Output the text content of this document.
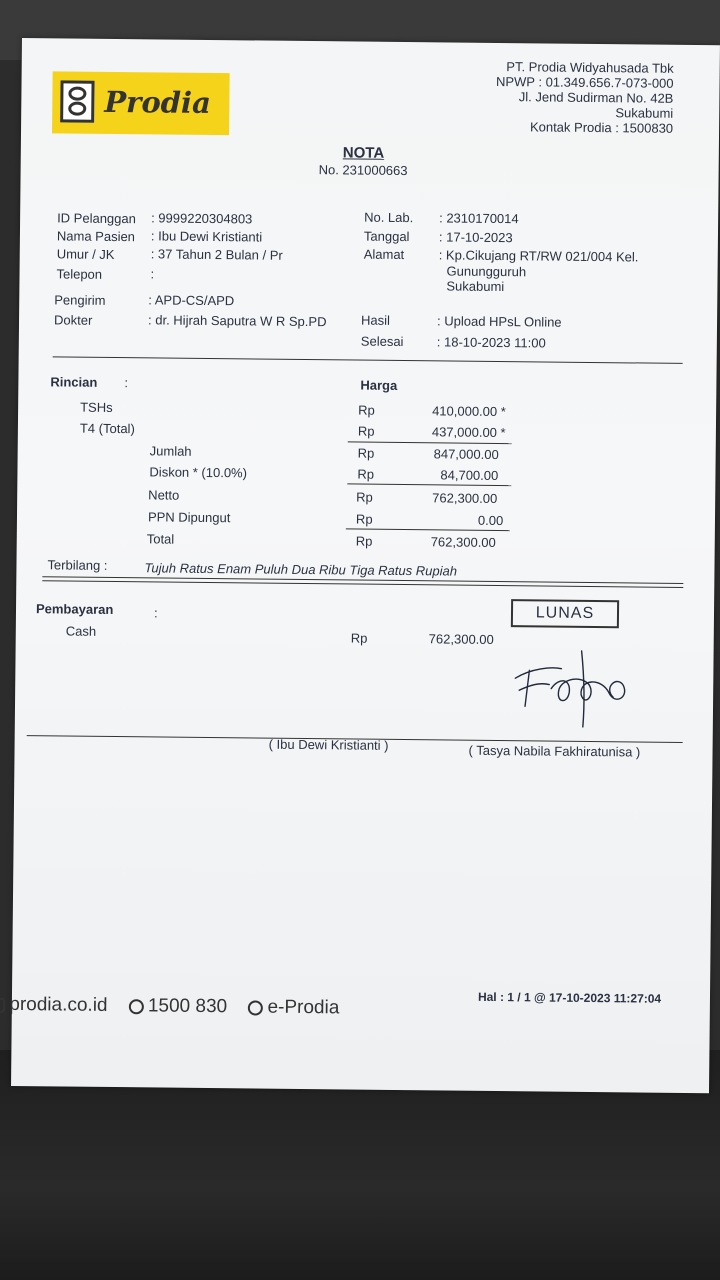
Prodia
PT. Prodia Widyahusada Tbk
NPWP : 01.349.656.7-073-000
Jl. Jend Sudirman No. 42B
Sukabumi
Kontak Prodia : 1500830
NOTA
No. 231000663
ID Pelanggan : 9999220304803
Nama Pasien : Ibu Dewi Kristianti
Umur / JK	: 37 Tahun 2 Bulan / Pr
Telepon	:
Pengirim	: APD-CS/APD
Dokter	: dr. Hijrah Saputra W R Sp.PD
No. Lab. : 2310170014
Tanggal : 17-10-2023
Alamat	: Kp.Cikujang RT/RW 021/004 Kel.
Gunungguruh
Sukabumi
Hasil	: Upload HPsL Online
Selesai	: 18-10-2023 11:00
Rincian :	Harga
TSHs	Rp	410,000.00 *
T4 (Total)	Rp	437,000.00 *
Jumlah	Rp	847,000.00
Diskon * (10.0%)	Rp	84,700.00
Netto	Rp	762,300.00
PPN Dipungut	Rp	0.00
Total	Rp	762,300.00
Terbilang :	Tujuh Ratus Enam Puluh Dua Ribu Tiga Ratus Rupiah
Pembayaran	:
Cash	Rp	762,300.00
LUNAS
( Ibu Dewi Kristianti )	( Tasya Nabila Fakhiratunisa )
Hal : 1 / 1 @ 17-10-2023 11:27:04
prodia.co.id 1500 830 e-Prodia
